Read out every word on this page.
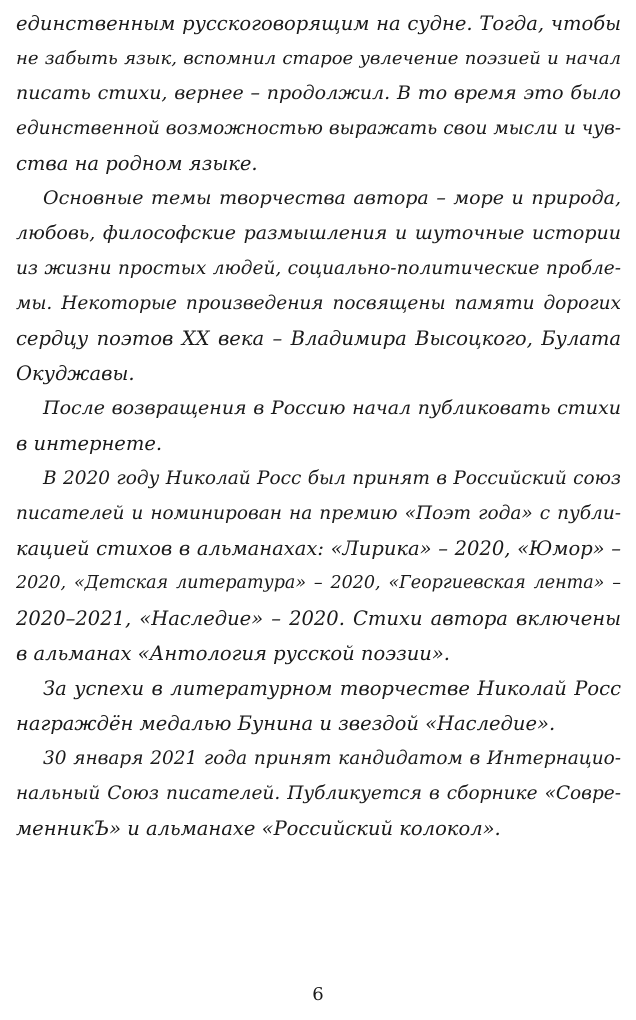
единственным русскоговорящим на судне. Тогда, чтобы
не забыть язык, вспомнил старое увлечение поэзией и начал
писать стихи, вернее – продолжил. В то время это было
единственной возможностью выражать свои мысли и чув-
ства на родном языке.
Основные темы творчества автора – море и природа,
любовь, философские размышления и шуточные истории
из жизни простых людей, социально-политические пробле-
мы. Некоторые произведения посвящены памяти дорогих
сердцу поэтов XX века – Владимира Высоцкого, Булата
Окуджавы.
После возвращения в Россию начал публиковать стихи
в интернете.
В 2020 году Николай Росс был принят в Российский союз
писателей и номинирован на премию «Поэт года» с публи-
кацией стихов в альманахах: «Лирика» – 2020, «Юмор» –
2020, «Детская литература» – 2020, «Георгиевская лента» –
2020–2021, «Наследие» – 2020. Стихи автора включены
в альманах «Антология русской поэзии».
За успехи в литературном творчестве Николай Росс
награждён медалью Бунина и звездой «Наследие».
30 января 2021 года принят кандидатом в Интернацио-
нальный Союз писателей. Публикуется в сборнике «Совре-
менникЪ» и альманахе «Российский колокол».
6
